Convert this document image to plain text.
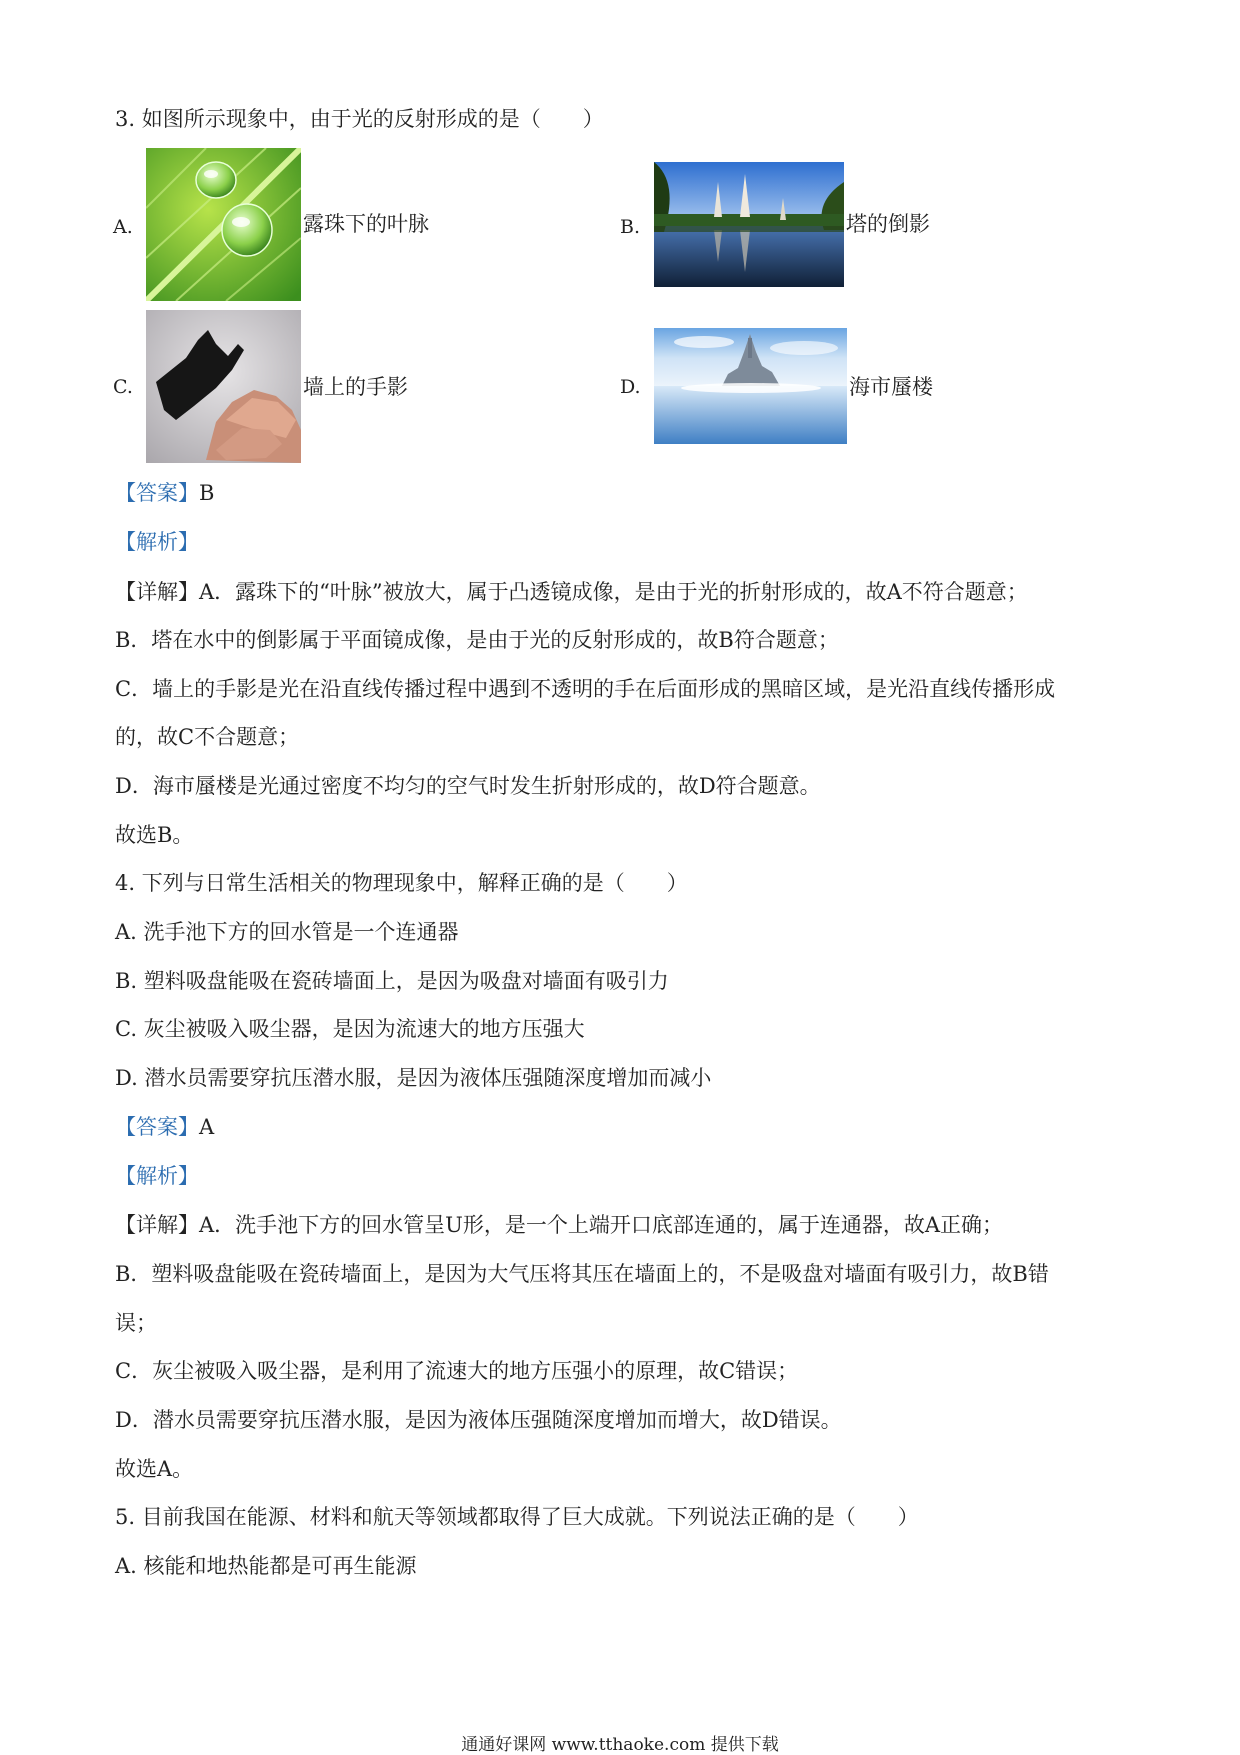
3. 如图所示现象中，由于光的反射形成的是（　　）
A.	露珠下的叶脉	B.	塔的倒影
C.	墙上的手影	D.	海市蜃楼
【答案】B
【解析】
【详解】A．露珠下的“叶脉”被放大，属于凸透镜成像，是由于光的折射形成的，故A不符合题意；
B．塔在水中的倒影属于平面镜成像，是由于光的反射形成的，故B符合题意；
C．墙上的手影是光在沿直线传播过程中遇到不透明的手在后面形成的黑暗区域，是光沿直线传播形成
的，故C不合题意；
D．海市蜃楼是光通过密度不均匀的空气时发生折射形成的，故D符合题意。
故选B。
4. 下列与日常生活相关的物理现象中，解释正确的是（　　）
A. 洗手池下方的回水管是一个连通器
B. 塑料吸盘能吸在瓷砖墙面上，是因为吸盘对墙面有吸引力
C. 灰尘被吸入吸尘器，是因为流速大的地方压强大
D. 潜水员需要穿抗压潜水服，是因为液体压强随深度增加而减小
【答案】A
【解析】
【详解】A．洗手池下方的回水管呈U形，是一个上端开口底部连通的，属于连通器，故A正确；
B．塑料吸盘能吸在瓷砖墙面上，是因为大气压将其压在墙面上的，不是吸盘对墙面有吸引力，故B错
误；
C．灰尘被吸入吸尘器，是利用了流速大的地方压强小的原理，故C错误；
D．潜水员需要穿抗压潜水服，是因为液体压强随深度增加而增大，故D错误。
故选A。
5. 目前我国在能源、材料和航天等领域都取得了巨大成就。下列说法正确的是（　　）
A. 核能和地热能都是可再生能源
通通好课网 www.tthaoke.com 提供下载
